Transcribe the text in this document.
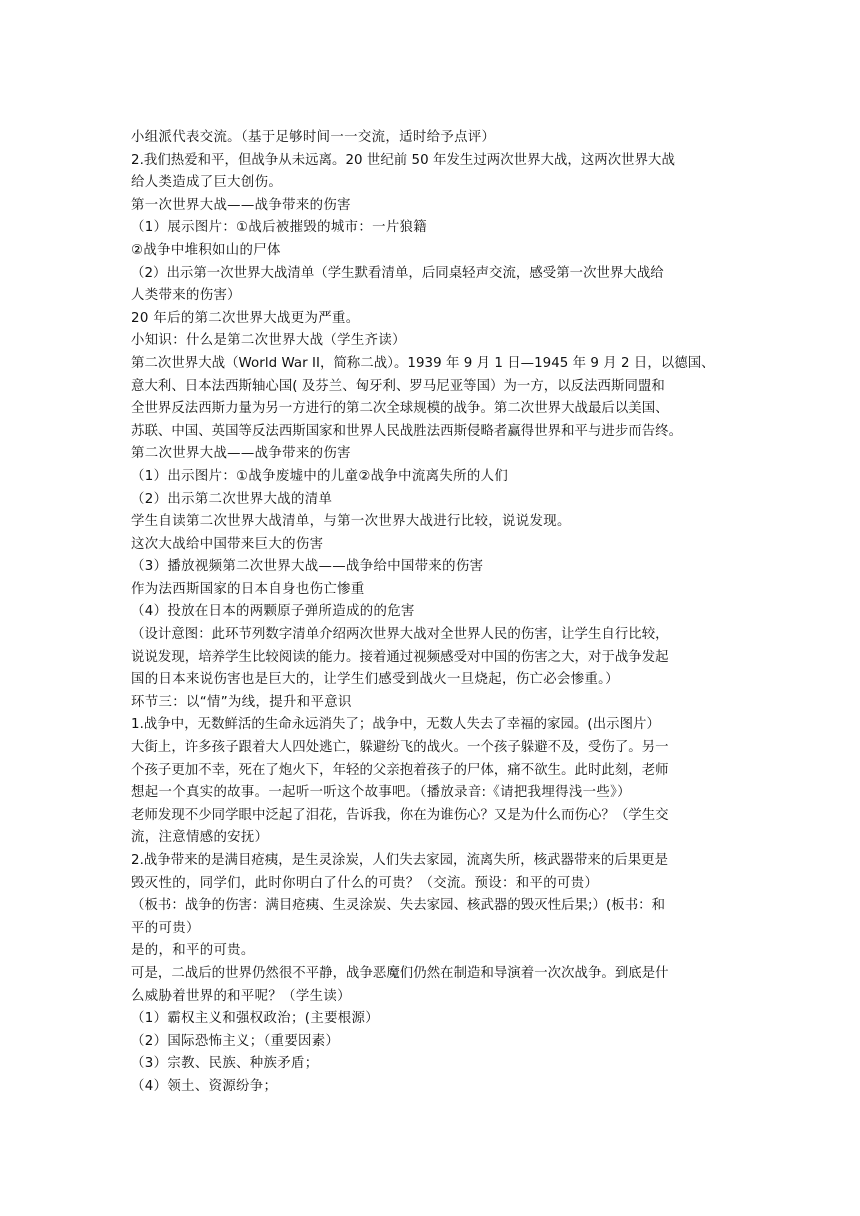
小组派代表交流。（基于足够时间一一交流，适时给予点评）
2.我们热爱和平，但战争从未远离。20 世纪前 50 年发生过两次世界大战，这两次世界大战
给人类造成了巨大创伤。
第一次世界大战——战争带来的伤害
（1）展示图片：①战后被摧毁的城市：一片狼籍
②战争中堆积如山的尸体
（2）出示第一次世界大战清单（学生默看清单，后同桌轻声交流，感受第一次世界大战给
人类带来的伤害）
20 年后的第二次世界大战更为严重。
小知识：什么是第二次世界大战（学生齐读）
第二次世界大战（World War II，简称二战）。1939 年 9 月 1 日—1945 年 9 月 2 日，以德国、
意大利、日本法西斯轴心国( 及芬兰、匈牙利、罗马尼亚等国）为一方，以反法西斯同盟和
全世界反法西斯力量为另一方进行的第二次全球规模的战争。第二次世界大战最后以美国、
苏联、中国、英国等反法西斯国家和世界人民战胜法西斯侵略者赢得世界和平与进步而告终。
第二次世界大战——战争带来的伤害
（1）出示图片：①战争废墟中的儿童②战争中流离失所的人们
（2）出示第二次世界大战的清单
学生自读第二次世界大战清单，与第一次世界大战进行比较，说说发现。
这次大战给中国带来巨大的伤害
（3）播放视频第二次世界大战——战争给中国带来的伤害
作为法西斯国家的日本自身也伤亡惨重
（4）投放在日本的两颗原子弹所造成的的危害
（设计意图：此环节列数字清单介绍两次世界大战对全世界人民的伤害，让学生自行比较，
说说发现，培养学生比较阅读的能力。接着通过视频感受对中国的伤害之大，对于战争发起
国的日本来说伤害也是巨大的，让学生们感受到战火一旦烧起，伤亡必会惨重。）
环节三：以“情”为线，提升和平意识
1.战争中，无数鲜活的生命永远消失了；战争中，无数人失去了幸福的家园。(出示图片）
大街上，许多孩子跟着大人四处逃亡，躲避纷飞的战火。一个孩子躲避不及，受伤了。另一
个孩子更加不幸，死在了炮火下，年轻的父亲抱着孩子的尸体，痛不欲生。此时此刻，老师
想起一个真实的故事。一起听一听这个故事吧。（播放录音:《请把我埋得浅一些》）
老师发现不少同学眼中泛起了泪花，告诉我，你在为谁伤心？又是为什么而伤心？（学生交
流，注意情感的安抚）
2.战争带来的是满目疮痍，是生灵涂炭，人们失去家园，流离失所，核武器带来的后果更是
毁灭性的，同学们，此时你明白了什么的可贵？（交流。预设：和平的可贵）
（板书：战争的伤害：满目疮痍、生灵涂炭、失去家园、核武器的毁灭性后果;）(板书：和
平的可贵）
是的，和平的可贵。
可是，二战后的世界仍然很不平静，战争恶魔们仍然在制造和导演着一次次战争。到底是什
么威胁着世界的和平呢？（学生读）
（1）霸权主义和强权政治；(主要根源）
（2）国际恐怖主义；（重要因素）
（3）宗教、民族、种族矛盾；
（4）领土、资源纷争；
